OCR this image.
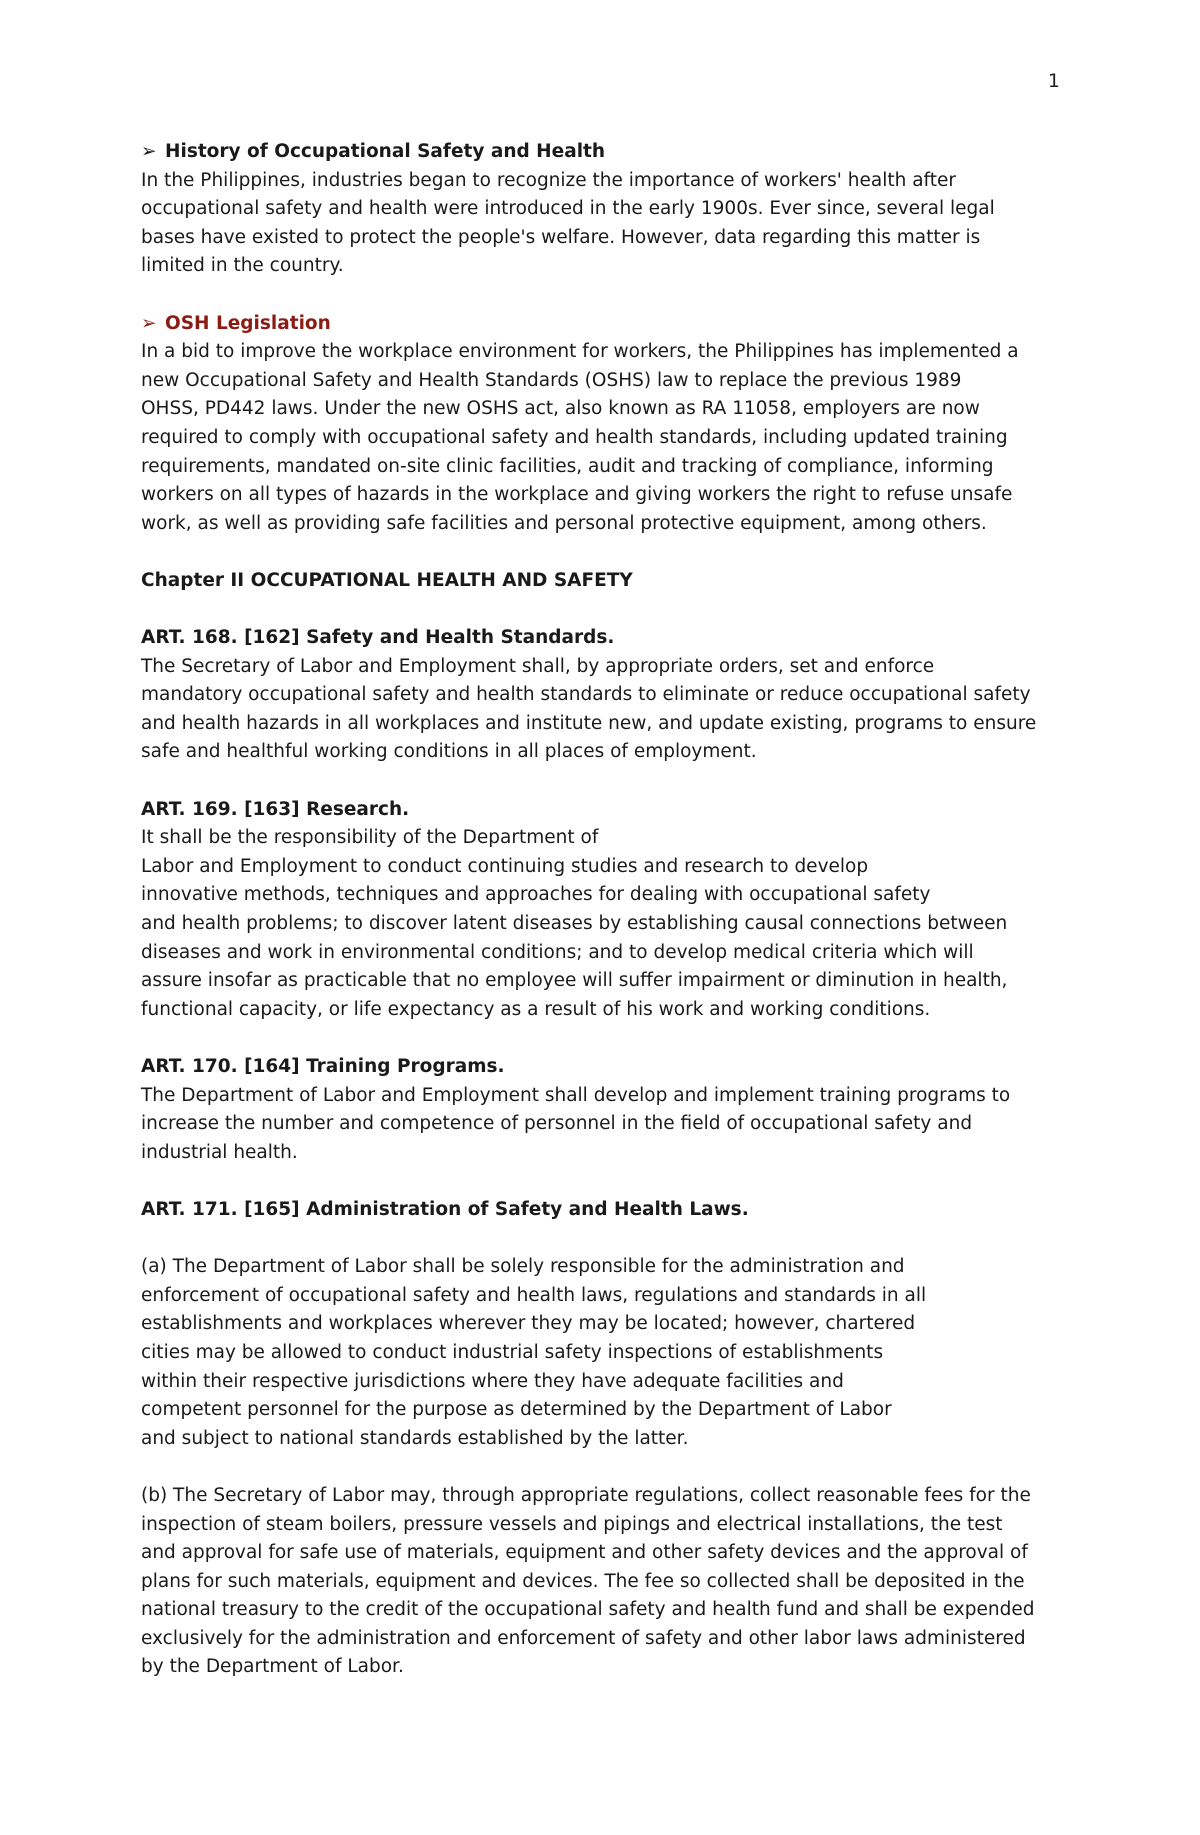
1
➢ History of Occupational Safety and Health
In the Philippines, industries began to recognize the importance of workers' health after
occupational safety and health were introduced in the early 1900s. Ever since, several legal
bases have existed to protect the people's welfare. However, data regarding this matter is
limited in the country.
➢ OSH Legislation
In a bid to improve the workplace environment for workers, the Philippines has implemented a
new Occupational Safety and Health Standards (OSHS) law to replace the previous 1989
OHSS, PD442 laws. Under the new OSHS act, also known as RA 11058, employers are now
required to comply with occupational safety and health standards, including updated training
requirements, mandated on-site clinic facilities, audit and tracking of compliance, informing
workers on all types of hazards in the workplace and giving workers the right to refuse unsafe
work, as well as providing safe facilities and personal protective equipment, among others.
Chapter II OCCUPATIONAL HEALTH AND SAFETY
ART. 168. [162] Safety and Health Standards.
The Secretary of Labor and Employment shall, by appropriate orders, set and enforce
mandatory occupational safety and health standards to eliminate or reduce occupational safety
and health hazards in all workplaces and institute new, and update existing, programs to ensure
safe and healthful working conditions in all places of employment.
ART. 169. [163] Research.
It shall be the responsibility of the Department of
Labor and Employment to conduct continuing studies and research to develop
innovative methods, techniques and approaches for dealing with occupational safety
and health problems; to discover latent diseases by establishing causal connections between
diseases and work in environmental conditions; and to develop medical criteria which will
assure insofar as practicable that no employee will suffer impairment or diminution in health,
functional capacity, or life expectancy as a result of his work and working conditions.
ART. 170. [164] Training Programs.
The Department of Labor and Employment shall develop and implement training programs to
increase the number and competence of personnel in the field of occupational safety and
industrial health.
ART. 171. [165] Administration of Safety and Health Laws.
(a) The Department of Labor shall be solely responsible for the administration and
enforcement of occupational safety and health laws, regulations and standards in all
establishments and workplaces wherever they may be located; however, chartered
cities may be allowed to conduct industrial safety inspections of establishments
within their respective jurisdictions where they have adequate facilities and
competent personnel for the purpose as determined by the Department of Labor
and subject to national standards established by the latter.
(b) The Secretary of Labor may, through appropriate regulations, collect reasonable fees for the
inspection of steam boilers, pressure vessels and pipings and electrical installations, the test
and approval for safe use of materials, equipment and other safety devices and the approval of
plans for such materials, equipment and devices. The fee so collected shall be deposited in the
national treasury to the credit of the occupational safety and health fund and shall be expended
exclusively for the administration and enforcement of safety and other labor laws administered
by the Department of Labor.
